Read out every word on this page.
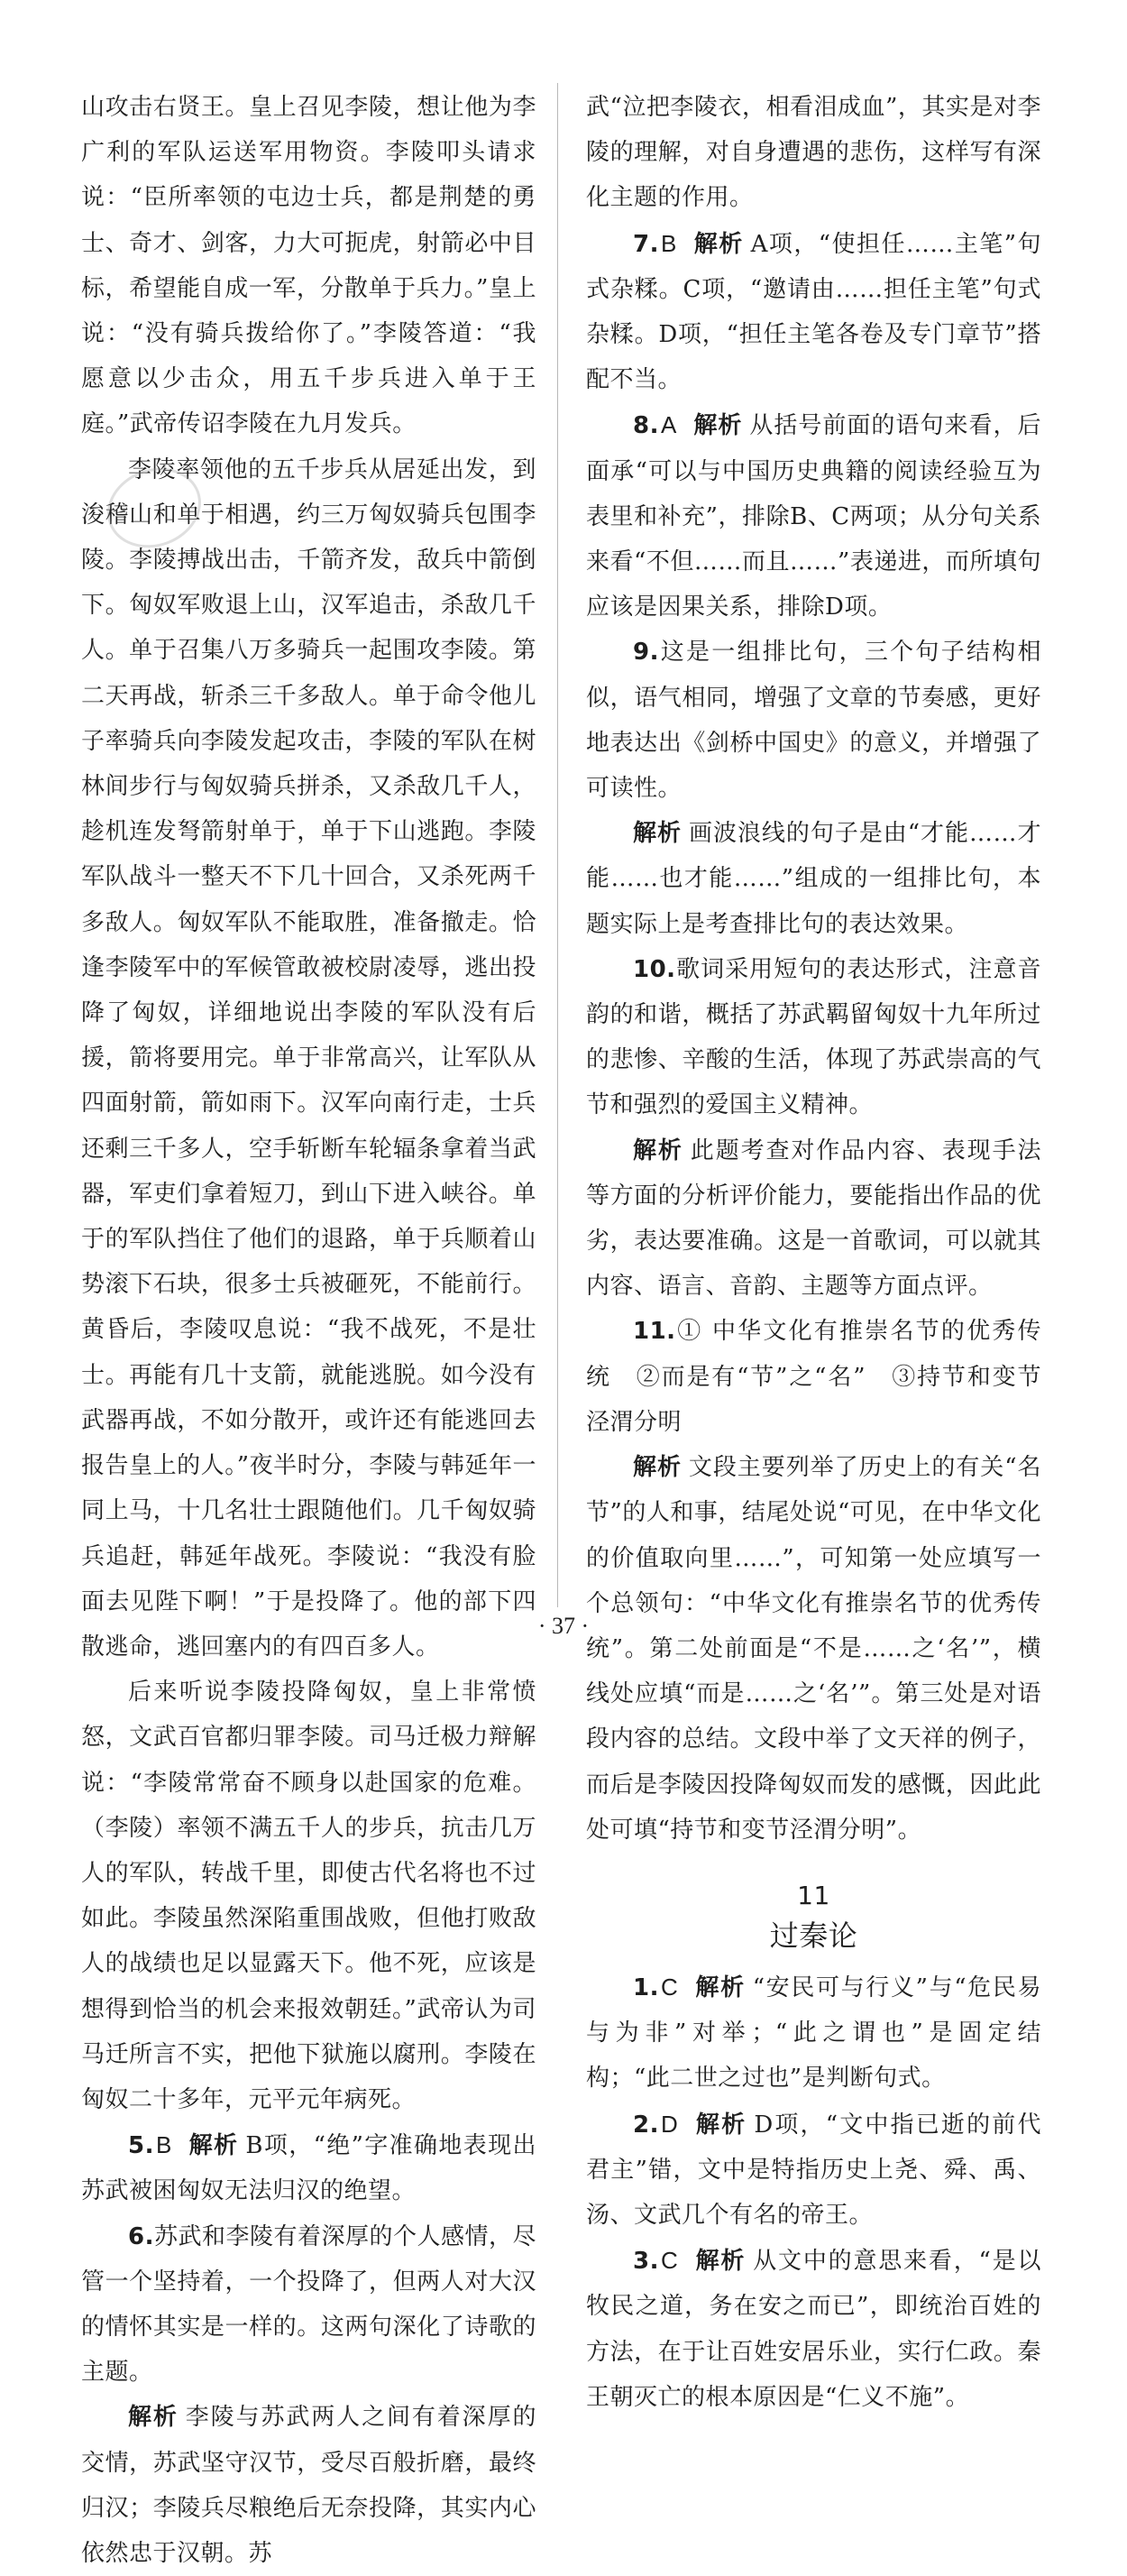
山攻击右贤王。皇上召见李陵，想让他为李广利的军队运送军用物资。李陵叩头请求说：“臣所率领的屯边士兵，都是荆楚的勇士、奇才、剑客，力大可扼虎，射箭必中目标，希望能自成一军，分散单于兵力。”皇上说：“没有骑兵拨给你了。”李陵答道：“我愿意以少击众，用五千步兵进入单于王庭。”武帝传诏李陵在九月发兵。

李陵率领他的五千步兵从居延出发，到浚稽山和单于相遇，约三万匈奴骑兵包围李陵。李陵搏战出击，千箭齐发，敌兵中箭倒下。匈奴军败退上山，汉军追击，杀敌几千人。单于召集八万多骑兵一起围攻李陵。第二天再战，斩杀三千多敌人。单于命令他儿子率骑兵向李陵发起攻击，李陵的军队在树林间步行与匈奴骑兵拼杀，又杀敌几千人，趁机连发弩箭射单于，单于下山逃跑。李陵军队战斗一整天不下几十回合，又杀死两千多敌人。匈奴军队不能取胜，准备撤走。恰逢李陵军中的军候管敢被校尉凌辱，逃出投降了匈奴，详细地说出李陵的军队没有后援，箭将要用完。单于非常高兴，让军队从四面射箭，箭如雨下。汉军向南行走，士兵还剩三千多人，空手斩断车轮辐条拿着当武器，军吏们拿着短刀，到山下进入峡谷。单于的军队挡住了他们的退路，单于兵顺着山势滚下石块，很多士兵被砸死，不能前行。黄昏后，李陵叹息说：“我不战死，不是壮士。再能有几十支箭，就能逃脱。如今没有武器再战，不如分散开，或许还有能逃回去报告皇上的人。”夜半时分，李陵与韩延年一同上马，十几名壮士跟随他们。几千匈奴骑兵追赶，韩延年战死。李陵说：“我没有脸面去见陛下啊！”于是投降了。他的部下四散逃命，逃回塞内的有四百多人。

后来听说李陵投降匈奴，皇上非常愤怒，文武百官都归罪李陵。司马迁极力辩解说：“李陵常常奋不顾身以赴国家的危难。（李陵）率领不满五千人的步兵，抗击几万人的军队，转战千里，即使古代名将也不过如此。李陵虽然深陷重围战败，但他打败敌人的战绩也足以显露天下。他不死，应该是想得到恰当的机会来报效朝廷。”武帝认为司马迁所言不实，把他下狱施以腐刑。李陵在匈奴二十多年，元平元年病死。

5.B 解析 B项，“绝”字准确地表现出苏武被困匈奴无法归汉的绝望。

6.苏武和李陵有着深厚的个人感情，尽管一个坚持着，一个投降了，但两人对大汉的情怀其实是一样的。这两句深化了诗歌的主题。

解析 李陵与苏武两人之间有着深厚的交情，苏武坚守汉节，受尽百般折磨，最终归汉；李陵兵尽粮绝后无奈投降，其实内心依然忠于汉朝。苏

武“泣把李陵衣，相看泪成血”，其实是对李陵的理解，对自身遭遇的悲伤，这样写有深化主题的作用。

7.B 解析 A项，“使担任……主笔”句式杂糅。C项，“邀请由……担任主笔”句式杂糅。D项，“担任主笔各卷及专门章节”搭配不当。

8.A 解析 从括号前面的语句来看，后面承“可以与中国历史典籍的阅读经验互为表里和补充”，排除B、C两项；从分句关系来看“不但……而且……”表递进，而所填句应该是因果关系，排除D项。

9.这是一组排比句，三个句子结构相似，语气相同，增强了文章的节奏感，更好地表达出《剑桥中国史》的意义，并增强了可读性。

解析 画波浪线的句子是由“才能……才能……也才能……”组成的一组排比句，本题实际上是考查排比句的表达效果。

10.歌词采用短句的表达形式，注意音韵的和谐，概括了苏武羁留匈奴十九年所过的悲惨、辛酸的生活，体现了苏武崇高的气节和强烈的爱国主义精神。

解析 此题考查对作品内容、表现手法等方面的分析评价能力，要能指出作品的优劣，表达要准确。这是一首歌词，可以就其内容、语言、音韵、主题等方面点评。

11.① 中华文化有推崇名节的优秀传统　②而是有“节”之“名”　③持节和变节泾渭分明

解析 文段主要列举了历史上的有关“名节”的人和事，结尾处说“可见，在中华文化的价值取向里……”，可知第一处应填写一个总领句：“中华文化有推崇名节的优秀传统”。第二处前面是“不是……之‘名’”，横线处应填“而是……之‘名’”。第三处是对语段内容的总结。文段中举了文天祥的例子，而后是李陵因投降匈奴而发的感慨，因此此处可填“持节和变节泾渭分明”。

11

过秦论

1.C 解析 “安民可与行义”与“危民易与为非”对举；“此之谓也”是固定结构；“此二世之过也”是判断句式。

2.D 解析 D项，“文中指已逝的前代君主”错，文中是特指历史上尧、舜、禹、汤、文武几个有名的帝王。

3.C 解析 从文中的意思来看，“是以牧民之道，务在安之而已”，即统治百姓的方法，在于让百姓安居乐业，实行仁政。秦王朝灭亡的根本原因是“仁义不施”。

· 37 ·
